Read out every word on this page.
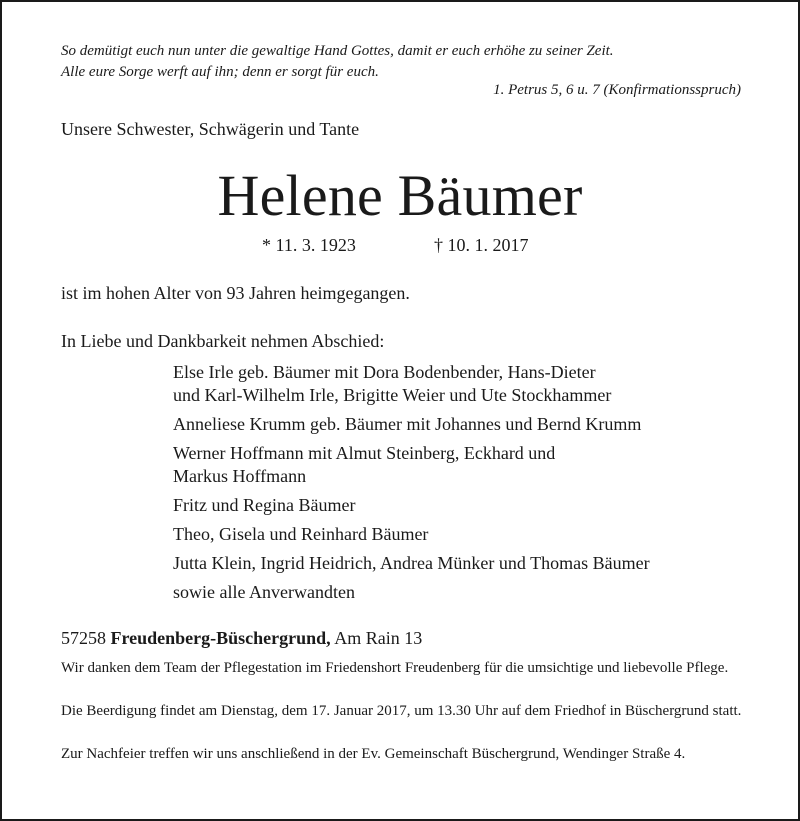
So demütigt euch nun unter die gewaltige Hand Gottes, damit er euch erhöhe zu seiner Zeit.
Alle eure Sorge werft auf ihn; denn er sorgt für euch.
1. Petrus 5, 6 u. 7 (Konfirmationsspruch)
Unsere Schwester, Schwägerin und Tante
Helene Bäumer
* 11. 3. 1923	† 10. 1. 2017
ist im hohen Alter von 93 Jahren heimgegangen.
In Liebe und Dankbarkeit nehmen Abschied:
Else Irle geb. Bäumer mit Dora Bodenbender, Hans-Dieter
und Karl-Wilhelm Irle, Brigitte Weier und Ute Stockhammer
Anneliese Krumm geb. Bäumer mit Johannes und Bernd Krumm
Werner Hoffmann mit Almut Steinberg, Eckhard und
Markus Hoffmann
Fritz und Regina Bäumer
Theo, Gisela und Reinhard Bäumer
Jutta Klein, Ingrid Heidrich, Andrea Münker und Thomas Bäumer
sowie alle Anverwandten
57258 Freudenberg-Büschergrund, Am Rain 13
Wir danken dem Team der Pflegestation im Friedenshort Freudenberg für die umsichtige und liebevolle Pflege.
Die Beerdigung findet am Dienstag, dem 17. Januar 2017, um 13.30 Uhr auf dem Friedhof in Büschergrund statt.
Zur Nachfeier treffen wir uns anschließend in der Ev. Gemeinschaft Büschergrund, Wendinger Straße 4.
